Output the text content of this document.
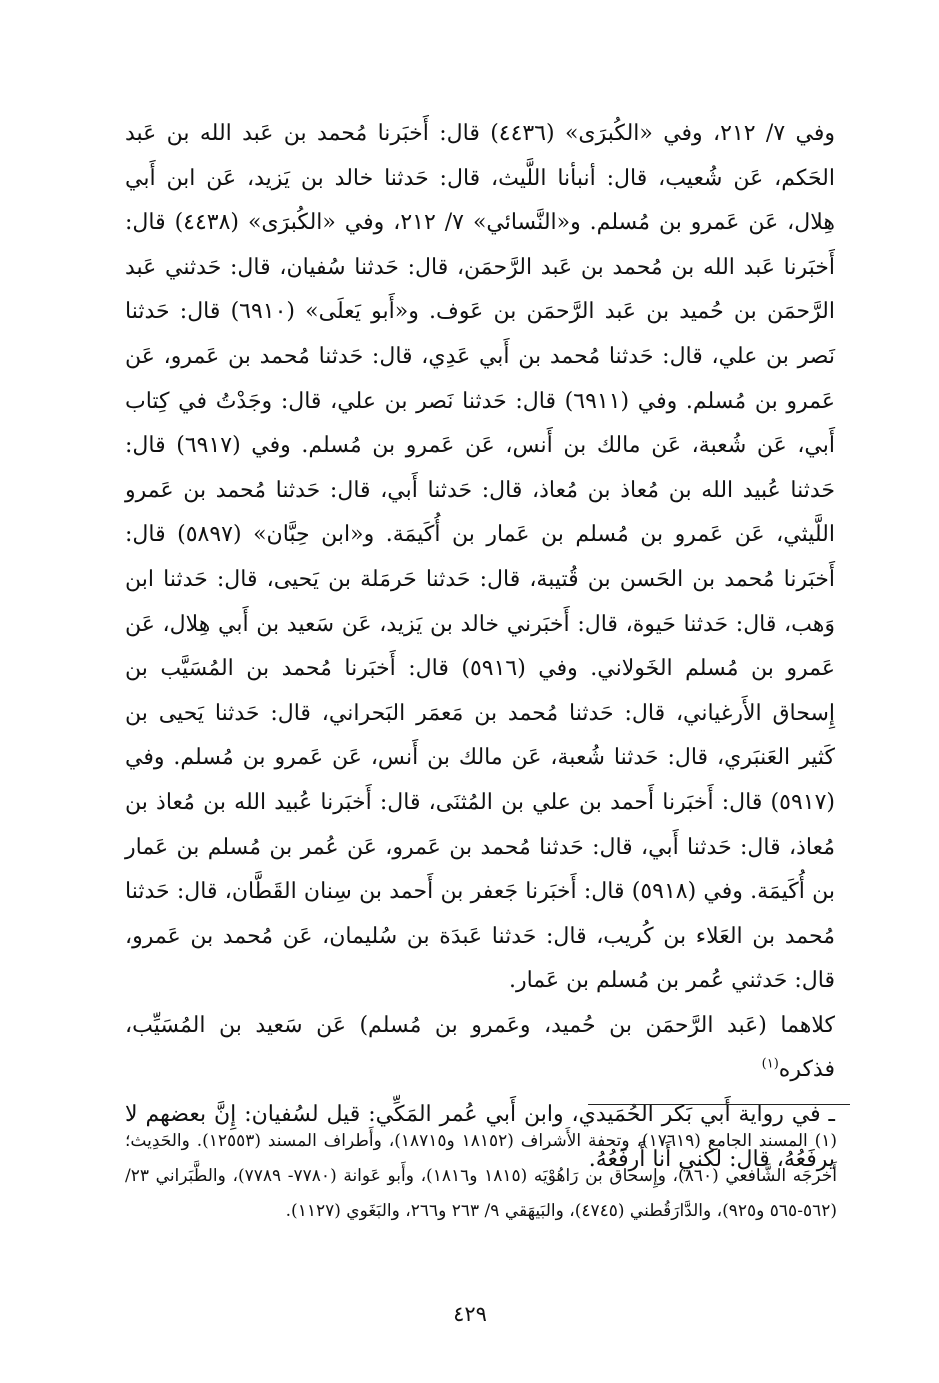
وفي ٧/ ٢١٢، وفي «الكُبرَى» (٤٤٣٦) قال: أَخبَرنا مُحمد بن عَبد الله بن عَبد الحَكم، عَن شُعيب، قال: أنبأنا اللَّيث، قال: حَدثنا خالد بن يَزيد، عَن ابن أَبي هِلال، عَن عَمرو بن مُسلم. و«النَّسائي» ٧/ ٢١٢، وفي «الكُبرَى» (٤٤٣٨) قال: أَخبَرنا عَبد الله بن مُحمد بن عَبد الرَّحمَن، قال: حَدثنا سُفيان، قال: حَدثني عَبد الرَّحمَن بن حُميد بن عَبد الرَّحمَن بن عَوف. و«أَبو يَعلَى» (٦٩١٠) قال: حَدثنا نَصر بن علي، قال: حَدثنا مُحمد بن أَبي عَدِي، قال: حَدثنا مُحمد بن عَمرو، عَن عَمرو بن مُسلم. وفي (٦٩١١) قال: حَدثنا نَصر بن علي، قال: وجَدْتُ في كِتاب أَبي، عَن شُعبة، عَن مالك بن أَنس، عَن عَمرو بن مُسلم. وفي (٦٩١٧) قال: حَدثنا عُبيد الله بن مُعاذ بن مُعاذ، قال: حَدثنا أَبي، قال: حَدثنا مُحمد بن عَمرو اللَّيثي، عَن عَمرو بن مُسلم بن عَمار بن أُكَيمَة. و«ابن حِبَّان» (٥٨٩٧) قال: أَخبَرنا مُحمد بن الحَسن بن قُتيبة، قال: حَدثنا حَرمَلة بن يَحيى، قال: حَدثنا ابن وَهب، قال: حَدثنا حَيوة، قال: أَخبَرني خالد بن يَزيد، عَن سَعيد بن أَبي هِلال، عَن عَمرو بن مُسلم الخَولاني. وفي (٥٩١٦) قال: أَخبَرنا مُحمد بن المُسَيَّب بن إِسحاق الأَرغياني، قال: حَدثنا مُحمد بن مَعمَر البَحراني، قال: حَدثنا يَحيى بن كَثير العَنبَري، قال: حَدثنا شُعبة، عَن مالك بن أَنس، عَن عَمرو بن مُسلم. وفي (٥٩١٧) قال: أَخبَرنا أَحمد بن علي بن المُثنَى، قال: أَخبَرنا عُبيد الله بن مُعاذ بن مُعاذ، قال: حَدثنا أَبي، قال: حَدثنا مُحمد بن عَمرو، عَن عُمر بن مُسلم بن عَمار بن أُكَيمَة. وفي (٥٩١٨) قال: أَخبَرنا جَعفر بن أَحمد بن سِنان القَطَّان، قال: حَدثنا مُحمد بن العَلاء بن كُريب، قال: حَدثنا عَبدَة بن سُليمان، عَن مُحمد بن عَمرو، قال: حَدثني عُمر بن مُسلم بن عَمار.

كلاهما (عَبد الرَّحمَن بن حُميد، وعَمرو بن مُسلم) عَن سَعيد بن المُسَيِّب، فذكره$^{(١)}$

ـ في رواية أَبي بَكر الحُمَيدي، وابن أَبي عُمر المَكِّي: قيل لسُفيان: إِنَّ بعضهم لا يرفَعُهُ، قال: لكني أَنا أَرفَعُهُ.

(١) المسند الجامع (١٧٦١٩)، وتحفة الأَشراف (١٨١٥٢ و١٨٧١٥)، وأَطراف المسند (١٢٥٥٣). والحَدِيث؛ أَخرجَه الشَّافعي (٨٦٠)، وإِسحاق بن رَاهُوْيَه (١٨١٥ و١٨١٦)، وأَبو عَوانة (٧٧٨٠- ٧٧٨٩)، والطَّبَراني ٢٣/ (٥٦٢-٥٦٥ و٩٢٥)، والدَّارَقُطني (٤٧٤٥)، والبَيهَقي ٩/ ٢٦٣ و٢٦٦، والبَغَوي (١١٢٧).

٤٢٩
